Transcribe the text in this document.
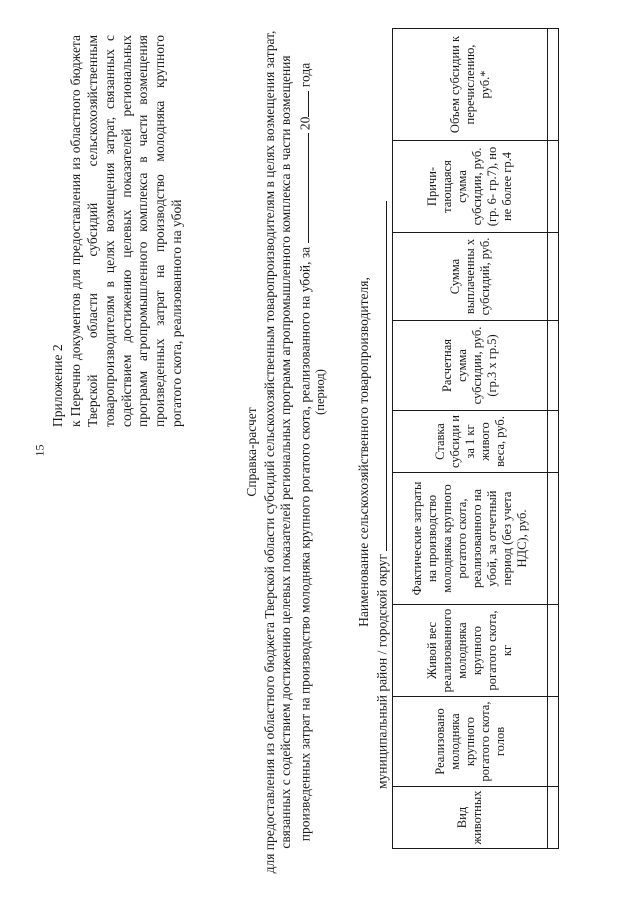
15
Приложение 2 к Перечню документов для предоставления из областного бюджета Тверской области субсидий сельскохозяйственным товаропроизводителям в целях возмещения затрат, связанных с содействием достижению целевых показателей региональных программ агропромышленного комплекса в части возмещения произведенных затрат на производство молодняка крупного рогатого скота, реализованного на убой
Справка-расчет для предоставления из областного бюджета Тверской области субсидий сельскохозяйственным товаропроизводителям в целях возмещения затрат, связанных с содействием достижению целевых показателей региональных программ агропромышленного комплекса в части возмещения произведенных затрат на производство молодняка крупного рогатого скота, реализованного на убой, за  20 года
(период) Наименование сельскохозяйственного товаропроизводителя,
муниципальный район / городской округ
Вид животных	Реализовано молодняка крупного рогатого скота, голов	Живой вес реализованного молодняка крупного рогатого скота, кг	Фактические затраты на производство молодняка крупного рогатого скота, реализованного на убой, за отчетный период (без учета НДС), руб.	Ставка субсиди и за 1 кг живого веса, руб.	Расчетная сумма субсидии, руб. (гр.3 х гр.5)	Сумма выплаченны х субсидий, руб.	Причи-тающаяся сумма субсидии, руб. (гр. 6- гр.7), но не более гр.4	Объем субсидии к перечислению, руб.*
